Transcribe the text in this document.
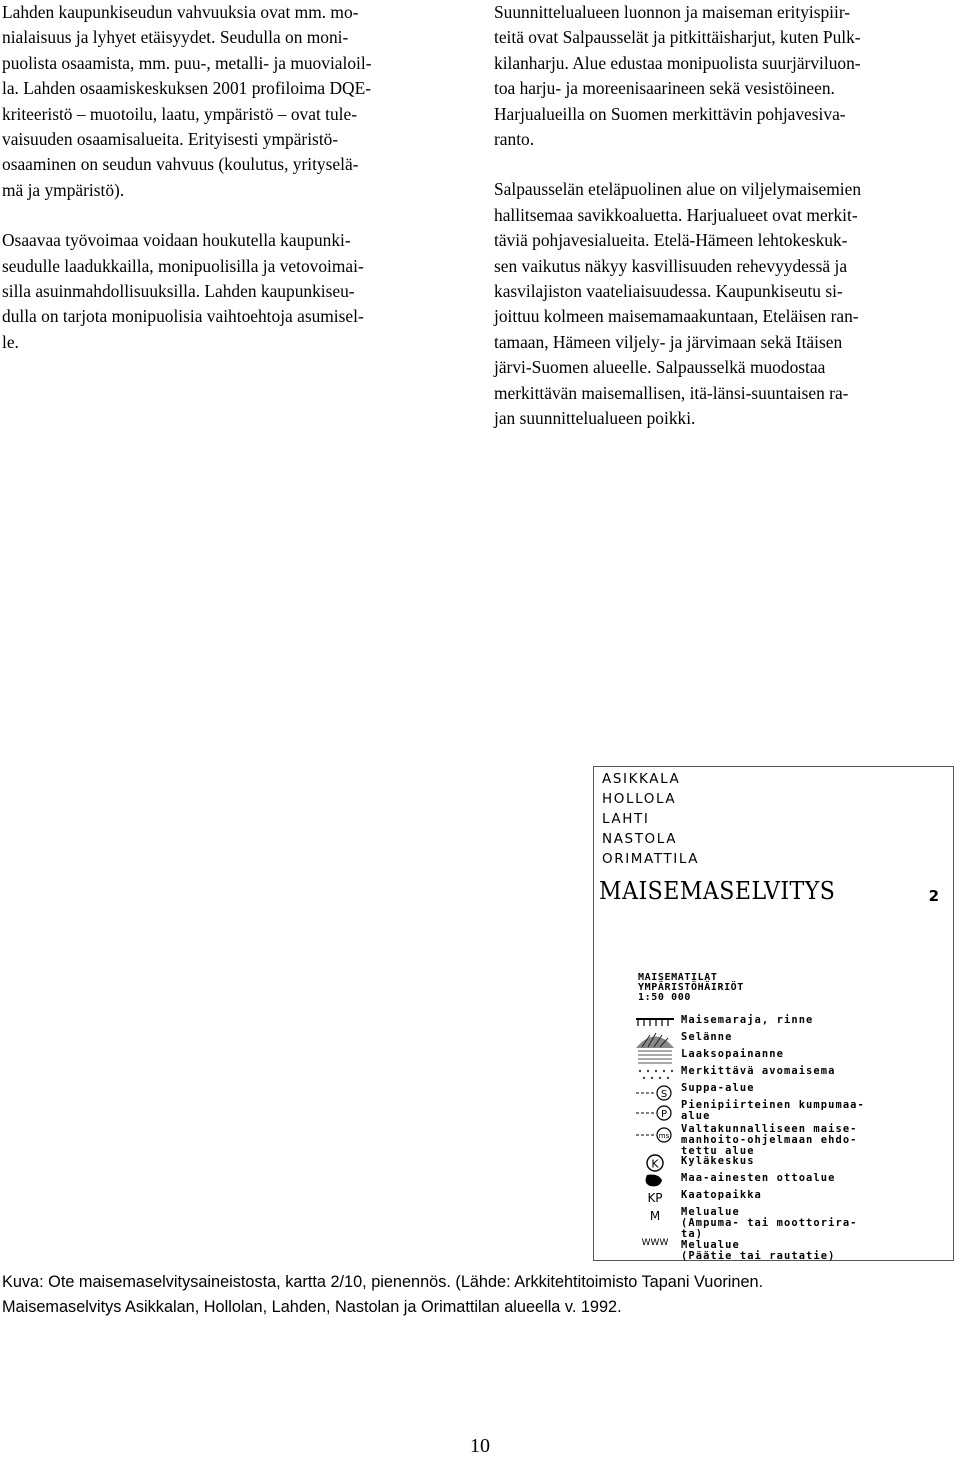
Lahden kaupunkiseudun vahvuuksia ovat mm. mo-
nialaisuus ja lyhyet etäisyydet. Seudulla on moni-
puolista osaamista, mm. puu-, metalli- ja muovialoil-
la. Lahden osaamiskeskuksen 2001 profiloima DQE-
kriteeristö – muotoilu, laatu, ympäristö – ovat tule-
vaisuuden osaamisalueita. Erityisesti ympäristö-
osaaminen on seudun vahvuus (koulutus, yrityselä-
mä ja ympäristö).

Osaavaa työvoimaa voidaan houkutella kaupunki-
seudulle laadukkailla, monipuolisilla ja vetovoimai-
silla asuinmahdollisuuksilla. Lahden kaupunkiseu-
dulla on tarjota monipuolisia vaihtoehtoja asumisel-
le.

Suunnittelualueen luonnon ja maiseman erityispiir-
teitä ovat Salpausselät ja pitkittäisharjut, kuten Pulk-
kilanharju. Alue edustaa monipuolista suurjärviluon-
toa harju- ja moreenisaarineen sekä vesistöineen.
Harjualueilla on Suomen merkittävin pohjavesiva-
ranto.

Salpausselän eteläpuolinen alue on viljelymaisemien
hallitsemaa savikkoaluetta. Harjualueet ovat merkit-
täviä pohjavesialueita. Etelä-Hämeen lehtokeskuk-
sen vaikutus näkyy kasvillisuuden rehevyydessä ja
kasvilajiston vaateliaisuudessa. Kaupunkiseutu si-
joittuu kolmeen maisemamaakuntaan, Eteläisen ran-
tamaan, Hämeen viljely- ja järvimaan sekä Itäisen
järvi-Suomen alueelle. Salpausselkä muodostaa
merkittävän maisemallisen, itä-länsi-suuntaisen ra-
jan suunnittelualueen poikki.

ASIKKALA
HOLLOLA
LAHTI
NASTOLA
ORIMATTILA
MAISEMASELVITYS	2
MAISEMATILAT
YMPÄRISTÖHÄIRIÖT
1:50 000
S
P
ms
K
KP
M
WWW
Maisemaraja, rinne
Selänne
Laaksopainanne
Merkittävä avomaisema
Suppa-alue
Pienipiirteinen kumpumaa-
alue
Valtakunnalliseen maise-
manhoito-ohjelmaan ehdo-
tettu alue
Kyläkeskus
Maa-ainesten ottoalue
Kaatopaikka
Melualue
(Ampuma- tai moottorira-
ta)
Melualue
(Päätie tai rautatie)
Kuva: Ote maisemaselvitysaineistosta, kartta 2/10, pienennös. (Lähde: Arkkitehtitoimisto Tapani Vuorinen.
Maisemaselvitys Asikkalan, Hollolan, Lahden, Nastolan ja Orimattilan alueella v. 1992.
10
